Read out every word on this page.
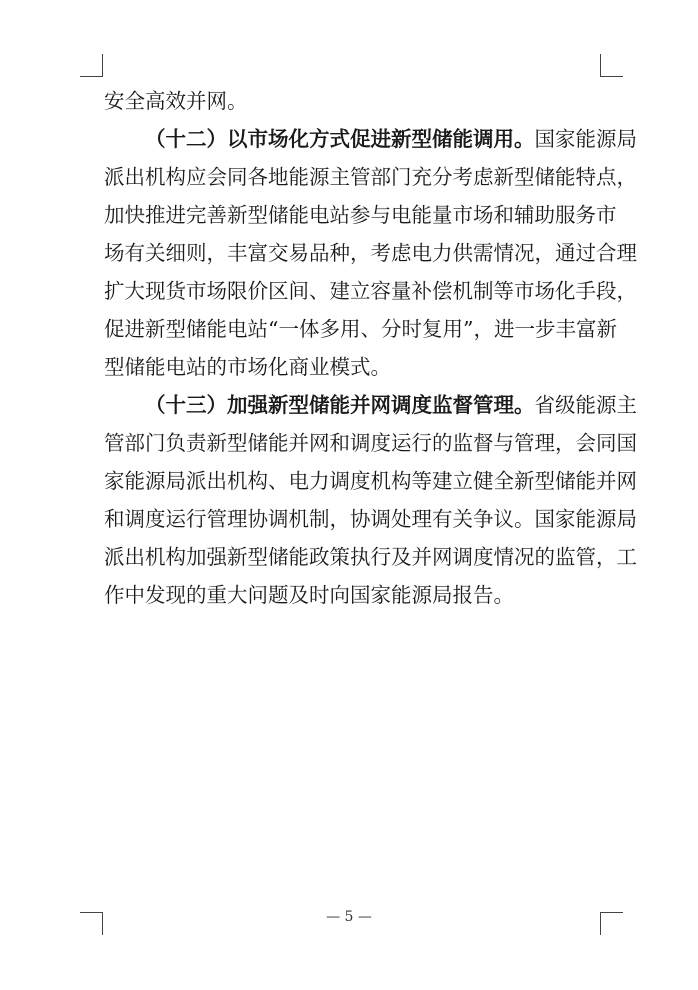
安全高效并网。
（十二）以市场化方式促进新型储能调用。国家能源局
派出机构应会同各地能源主管部门充分考虑新型储能特点，
加快推进完善新型储能电站参与电能量市场和辅助服务市
场有关细则，丰富交易品种，考虑电力供需情况，通过合理
扩大现货市场限价区间、建立容量补偿机制等市场化手段，
促进新型储能电站“一体多用、分时复用”，进一步丰富新
型储能电站的市场化商业模式。
（十三）加强新型储能并网调度监督管理。省级能源主
管部门负责新型储能并网和调度运行的监督与管理，会同国
家能源局派出机构、电力调度机构等建立健全新型储能并网
和调度运行管理协调机制，协调处理有关争议。国家能源局
派出机构加强新型储能政策执行及并网调度情况的监管，工
作中发现的重大问题及时向国家能源局报告。
— 5 —
